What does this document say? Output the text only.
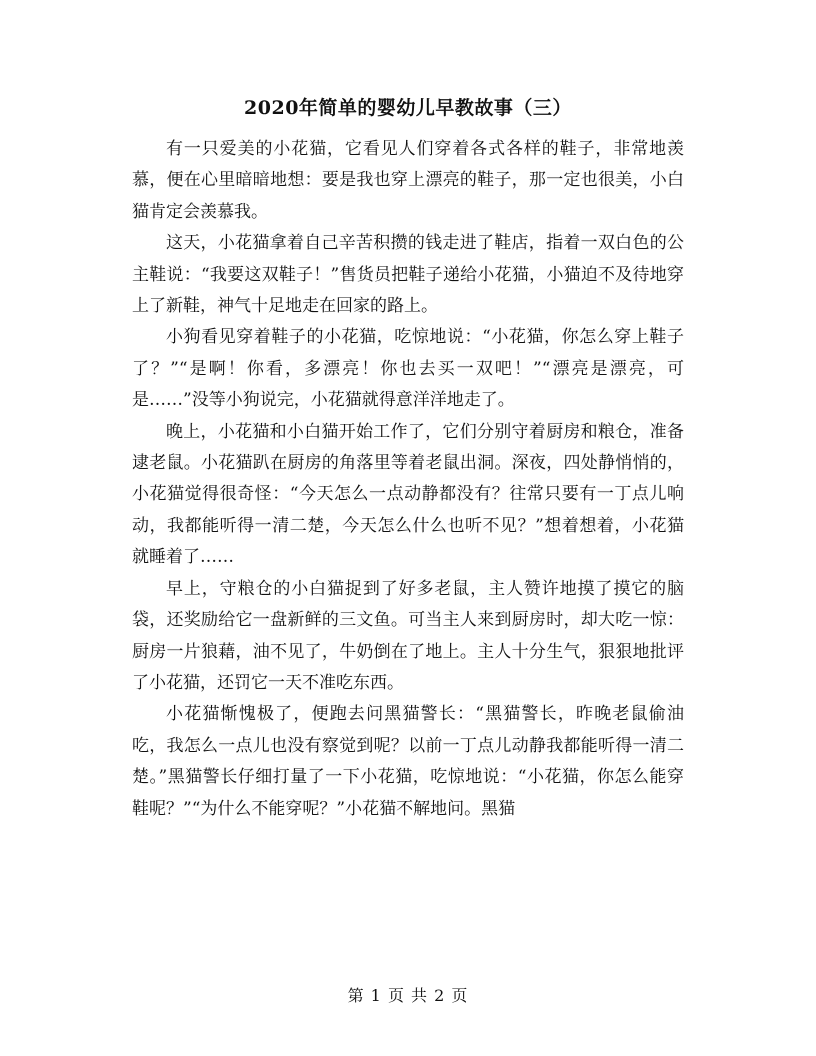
2020年简单的婴幼儿早教故事（三）

有一只爱美的小花猫，它看见人们穿着各式各样的鞋子，非常地羡慕，便在心里暗暗地想：要是我也穿上漂亮的鞋子，那一定也很美，小白猫肯定会羡慕我。

这天，小花猫拿着自己辛苦积攒的钱走进了鞋店，指着一双白色的公主鞋说：“我要这双鞋子！”售货员把鞋子递给小花猫，小猫迫不及待地穿上了新鞋，神气十足地走在回家的路上。

小狗看见穿着鞋子的小花猫，吃惊地说：“小花猫，你怎么穿上鞋子了？”“是啊！你看，多漂亮！你也去买一双吧！”“漂亮是漂亮，可是……”没等小狗说完，小花猫就得意洋洋地走了。

晚上，小花猫和小白猫开始工作了，它们分别守着厨房和粮仓，准备逮老鼠。小花猫趴在厨房的角落里等着老鼠出洞。深夜，四处静悄悄的，小花猫觉得很奇怪：“今天怎么一点动静都没有？往常只要有一丁点儿响动，我都能听得一清二楚，今天怎么什么也听不见？”想着想着，小花猫就睡着了……

早上，守粮仓的小白猫捉到了好多老鼠，主人赞许地摸了摸它的脑袋，还奖励给它一盘新鲜的三文鱼。可当主人来到厨房时，却大吃一惊：厨房一片狼藉，油不见了，牛奶倒在了地上。主人十分生气，狠狠地批评了小花猫，还罚它一天不准吃东西。

小花猫惭愧极了，便跑去问黑猫警长：“黑猫警长，昨晚老鼠偷油吃，我怎么一点儿也没有察觉到呢？以前一丁点儿动静我都能听得一清二楚。”黑猫警长仔细打量了一下小花猫，吃惊地说：“小花猫，你怎么能穿鞋呢？”“为什么不能穿呢？”小花猫不解地问。黑猫

第 1 页 共 2 页
